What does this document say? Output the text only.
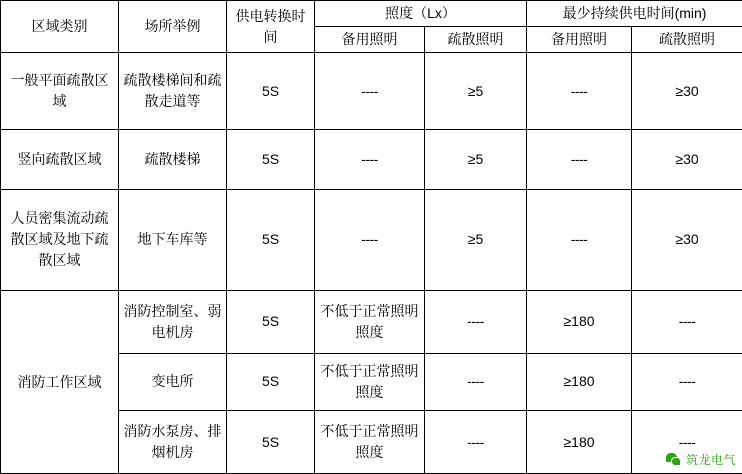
区域类别	场所举例	供电转换时间	照度（Lx）		最少持续供电时间(min)	
			备用照明	疏散照明	备用照明	疏散照明
一般平面疏散区域	疏散楼梯间和疏散走道等	5S	----	≥5	----	≥30
竖向疏散区域	疏散楼梯	5S	----	≥5	----	≥30
人员密集流动疏散区域及地下疏散区域	地下车库等	5S	----	≥5	----	≥30
消防工作区域	消防控制室、弱电机房	5S	不低于正常照明照度	----	≥180	----
	变电所	5S	不低于正常照明照度	----	≥180	----
	消防水泵房、排烟机房	5S	不低于正常照明照度	----	≥180	----
筑龙电气
